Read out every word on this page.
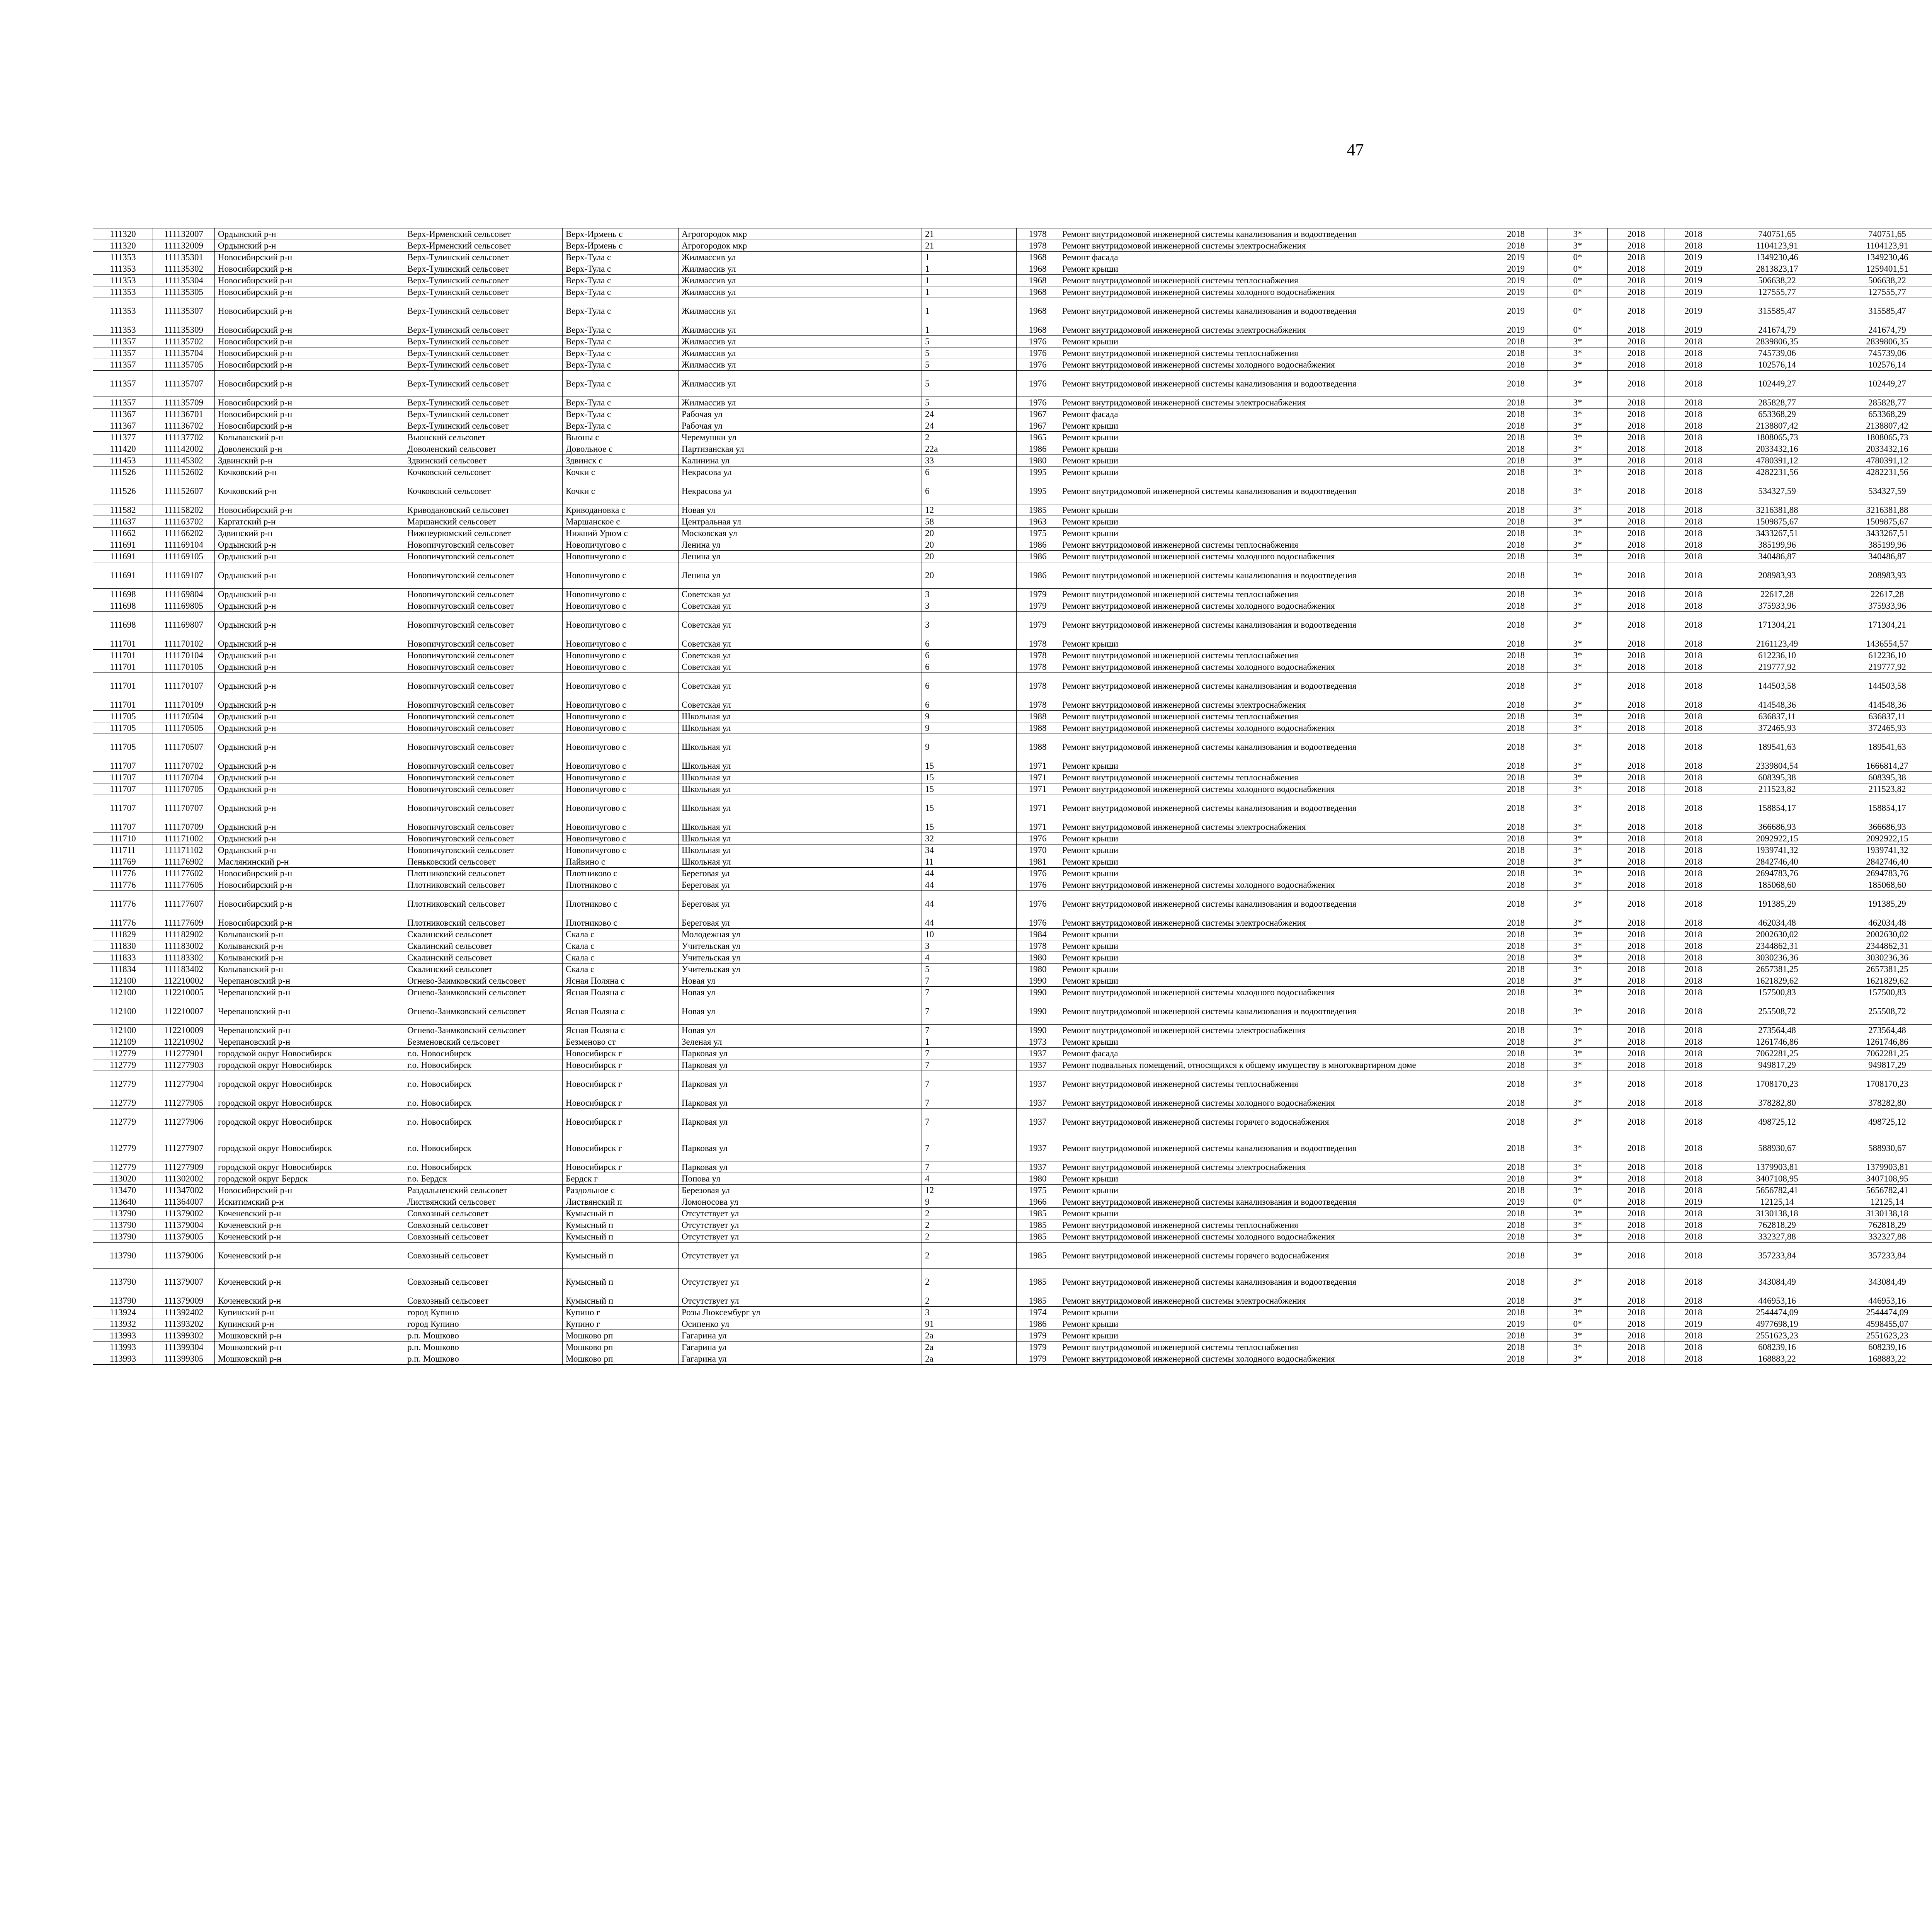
47
111320	111132007	Ордынский р-н	Верх-Ирменский сельсовет	Верх-Ирмень с	Агрогородок мкр	21		1978	Ремонт внутридомовой инженерной системы канализования и водоотведения	2018	3*	2018	2018	740751,65	740751,65						
111320	111132009	Ордынский р-н	Верх-Ирменский сельсовет	Верх-Ирмень с	Агрогородок мкр	21		1978	Ремонт внутридомовой инженерной системы электроснабжения	2018	3*	2018	2018	1104123,91	1104123,91						
111353	111135301	Новосибирский р-н	Верх-Тулинский сельсовет	Верх-Тула с	Жилмассив ул	1		1968	Ремонт фасада	2019	0*	2018	2019	1349230,46	1349230,46						
111353	111135302	Новосибирский р-н	Верх-Тулинский сельсовет	Верх-Тула с	Жилмассив ул	1		1968	Ремонт крыши	2019	0*	2018	2019	2813823,17	1259401,51						
111353	111135304	Новосибирский р-н	Верх-Тулинский сельсовет	Верх-Тула с	Жилмассив ул	1		1968	Ремонт внутридомовой инженерной системы теплоснабжения	2019	0*	2018	2019	506638,22	506638,22						
111353	111135305	Новосибирский р-н	Верх-Тулинский сельсовет	Верх-Тула с	Жилмассив ул	1		1968	Ремонт внутридомовой инженерной системы холодного водоснабжения	2019	0*	2018	2019	127555,77	127555,77						
111353	111135307	Новосибирский р-н	Верх-Тулинский сельсовет	Верх-Тула с	Жилмассив ул	1		1968	Ремонт внутридомовой инженерной системы канализования и водоотведения	2019	0*	2018	2019	315585,47	315585,47						
111353	111135309	Новосибирский р-н	Верх-Тулинский сельсовет	Верх-Тула с	Жилмассив ул	1		1968	Ремонт внутридомовой инженерной системы электроснабжения	2019	0*	2018	2019	241674,79	241674,79						
111357	111135702	Новосибирский р-н	Верх-Тулинский сельсовет	Верх-Тула с	Жилмассив ул	5		1976	Ремонт крыши	2018	3*	2018	2018	2839806,35	2839806,35						
111357	111135704	Новосибирский р-н	Верх-Тулинский сельсовет	Верх-Тула с	Жилмассив ул	5		1976	Ремонт внутридомовой инженерной системы теплоснабжения	2018	3*	2018	2018	745739,06	745739,06						
111357	111135705	Новосибирский р-н	Верх-Тулинский сельсовет	Верх-Тула с	Жилмассив ул	5		1976	Ремонт внутридомовой инженерной системы холодного водоснабжения	2018	3*	2018	2018	102576,14	102576,14						
111357	111135707	Новосибирский р-н	Верх-Тулинский сельсовет	Верх-Тула с	Жилмассив ул	5		1976	Ремонт внутридомовой инженерной системы канализования и водоотведения	2018	3*	2018	2018	102449,27	102449,27						
111357	111135709	Новосибирский р-н	Верх-Тулинский сельсовет	Верх-Тула с	Жилмассив ул	5		1976	Ремонт внутридомовой инженерной системы электроснабжения	2018	3*	2018	2018	285828,77	285828,77						
111367	111136701	Новосибирский р-н	Верх-Тулинский сельсовет	Верх-Тула с	Рабочая ул	24		1967	Ремонт фасада	2018	3*	2018	2018	653368,29	653368,29						
111367	111136702	Новосибирский р-н	Верх-Тулинский сельсовет	Верх-Тула с	Рабочая ул	24		1967	Ремонт крыши	2018	3*	2018	2018	2138807,42	2138807,42						
111377	111137702	Колыванский р-н	Вьюнский сельсовет	Вьюны с	Черемушки ул	2		1965	Ремонт крыши	2018	3*	2018	2018	1808065,73	1808065,73						
111420	111142002	Доволенский р-н	Доволенский сельсовет	Довольное с	Партизанская ул	22а		1986	Ремонт крыши	2018	3*	2018	2018	2033432,16	2033432,16						
111453	111145302	Здвинский р-н	Здвинский сельсовет	Здвинск с	Калинина ул	33		1980	Ремонт крыши	2018	3*	2018	2018	4780391,12	4780391,12						
111526	111152602	Кочковский р-н	Кочковский сельсовет	Кочки с	Некрасова ул	6		1995	Ремонт крыши	2018	3*	2018	2018	4282231,56	4282231,56						
111526	111152607	Кочковский р-н	Кочковский сельсовет	Кочки с	Некрасова ул	6		1995	Ремонт внутридомовой инженерной системы канализования и водоотведения	2018	3*	2018	2018	534327,59	534327,59						
111582	111158202	Новосибирский р-н	Криводановский сельсовет	Криводановка с	Новая ул	12		1985	Ремонт крыши	2018	3*	2018	2018	3216381,88	3216381,88						
111637	111163702	Каргатский р-н	Маршанский сельсовет	Маршанское с	Центральная ул	58		1963	Ремонт крыши	2018	3*	2018	2018	1509875,67	1509875,67						
111662	111166202	Здвинский р-н	Нижнеурюмский сельсовет	Нижний Урюм с	Московская ул	20		1975	Ремонт крыши	2018	3*	2018	2018	3433267,51	3433267,51						
111691	111169104	Ордынский р-н	Новопичуговский сельсовет	Новопичугово с	Ленина ул	20		1986	Ремонт внутридомовой инженерной системы теплоснабжения	2018	3*	2018	2018	385199,96	385199,96						
111691	111169105	Ордынский р-н	Новопичуговский сельсовет	Новопичугово с	Ленина ул	20		1986	Ремонт внутридомовой инженерной системы холодного водоснабжения	2018	3*	2018	2018	340486,87	340486,87						
111691	111169107	Ордынский р-н	Новопичуговский сельсовет	Новопичугово с	Ленина ул	20		1986	Ремонт внутридомовой инженерной системы канализования и водоотведения	2018	3*	2018	2018	208983,93	208983,93						
111698	111169804	Ордынский р-н	Новопичуговский сельсовет	Новопичугово с	Советская ул	3		1979	Ремонт внутридомовой инженерной системы теплоснабжения	2018	3*	2018	2018	22617,28	22617,28						
111698	111169805	Ордынский р-н	Новопичуговский сельсовет	Новопичугово с	Советская ул	3		1979	Ремонт внутридомовой инженерной системы холодного водоснабжения	2018	3*	2018	2018	375933,96	375933,96						
111698	111169807	Ордынский р-н	Новопичуговский сельсовет	Новопичугово с	Советская ул	3		1979	Ремонт внутридомовой инженерной системы канализования и водоотведения	2018	3*	2018	2018	171304,21	171304,21						
111701	111170102	Ордынский р-н	Новопичуговский сельсовет	Новопичугово с	Советская ул	6		1978	Ремонт крыши	2018	3*	2018	2018	2161123,49	1436554,57						
111701	111170104	Ордынский р-н	Новопичуговский сельсовет	Новопичугово с	Советская ул	6		1978	Ремонт внутридомовой инженерной системы теплоснабжения	2018	3*	2018	2018	612236,10	612236,10						
111701	111170105	Ордынский р-н	Новопичуговский сельсовет	Новопичугово с	Советская ул	6		1978	Ремонт внутридомовой инженерной системы холодного водоснабжения	2018	3*	2018	2018	219777,92	219777,92						
111701	111170107	Ордынский р-н	Новопичуговский сельсовет	Новопичугово с	Советская ул	6		1978	Ремонт внутридомовой инженерной системы канализования и водоотведения	2018	3*	2018	2018	144503,58	144503,58						
111701	111170109	Ордынский р-н	Новопичуговский сельсовет	Новопичугово с	Советская ул	6		1978	Ремонт внутридомовой инженерной системы электроснабжения	2018	3*	2018	2018	414548,36	414548,36						
111705	111170504	Ордынский р-н	Новопичуговский сельсовет	Новопичугово с	Школьная ул	9		1988	Ремонт внутридомовой инженерной системы теплоснабжения	2018	3*	2018	2018	636837,11	636837,11						
111705	111170505	Ордынский р-н	Новопичуговский сельсовет	Новопичугово с	Школьная ул	9		1988	Ремонт внутридомовой инженерной системы холодного водоснабжения	2018	3*	2018	2018	372465,93	372465,93						
111705	111170507	Ордынский р-н	Новопичуговский сельсовет	Новопичугово с	Школьная ул	9		1988	Ремонт внутридомовой инженерной системы канализования и водоотведения	2018	3*	2018	2018	189541,63	189541,63						
111707	111170702	Ордынский р-н	Новопичуговский сельсовет	Новопичугово с	Школьная ул	15		1971	Ремонт крыши	2018	3*	2018	2018	2339804,54	1666814,27						
111707	111170704	Ордынский р-н	Новопичуговский сельсовет	Новопичугово с	Школьная ул	15		1971	Ремонт внутридомовой инженерной системы теплоснабжения	2018	3*	2018	2018	608395,38	608395,38						
111707	111170705	Ордынский р-н	Новопичуговский сельсовет	Новопичугово с	Школьная ул	15		1971	Ремонт внутридомовой инженерной системы холодного водоснабжения	2018	3*	2018	2018	211523,82	211523,82						
111707	111170707	Ордынский р-н	Новопичуговский сельсовет	Новопичугово с	Школьная ул	15		1971	Ремонт внутридомовой инженерной системы канализования и водоотведения	2018	3*	2018	2018	158854,17	158854,17						
111707	111170709	Ордынский р-н	Новопичуговский сельсовет	Новопичугово с	Школьная ул	15		1971	Ремонт внутридомовой инженерной системы электроснабжения	2018	3*	2018	2018	366686,93	366686,93						
111710	111171002	Ордынский р-н	Новопичуговский сельсовет	Новопичугово с	Школьная ул	32		1976	Ремонт крыши	2018	3*	2018	2018	2092922,15	2092922,15						
111711	111171102	Ордынский р-н	Новопичуговский сельсовет	Новопичугово с	Школьная ул	34		1970	Ремонт крыши	2018	3*	2018	2018	1939741,32	1939741,32						
111769	111176902	Маслянинский р-н	Пеньковский сельсовет	Пайвино с	Школьная ул	11		1981	Ремонт крыши	2018	3*	2018	2018	2842746,40	2842746,40						
111776	111177602	Новосибирский р-н	Плотниковский сельсовет	Плотниково с	Береговая ул	44		1976	Ремонт крыши	2018	3*	2018	2018	2694783,76	2694783,76						
111776	111177605	Новосибирский р-н	Плотниковский сельсовет	Плотниково с	Береговая ул	44		1976	Ремонт внутридомовой инженерной системы холодного водоснабжения	2018	3*	2018	2018	185068,60	185068,60						
111776	111177607	Новосибирский р-н	Плотниковский сельсовет	Плотниково с	Береговая ул	44		1976	Ремонт внутридомовой инженерной системы канализования и водоотведения	2018	3*	2018	2018	191385,29	191385,29						
111776	111177609	Новосибирский р-н	Плотниковский сельсовет	Плотниково с	Береговая ул	44		1976	Ремонт внутридомовой инженерной системы электроснабжения	2018	3*	2018	2018	462034,48	462034,48						
111829	111182902	Колыванский р-н	Скалинский сельсовет	Скала с	Молодежная ул	10		1984	Ремонт крыши	2018	3*	2018	2018	2002630,02	2002630,02						
111830	111183002	Колыванский р-н	Скалинский сельсовет	Скала с	Учительская ул	3		1978	Ремонт крыши	2018	3*	2018	2018	2344862,31	2344862,31						
111833	111183302	Колыванский р-н	Скалинский сельсовет	Скала с	Учительская ул	4		1980	Ремонт крыши	2018	3*	2018	2018	3030236,36	3030236,36						
111834	111183402	Колыванский р-н	Скалинский сельсовет	Скала с	Учительская ул	5		1980	Ремонт крыши	2018	3*	2018	2018	2657381,25	2657381,25						
112100	112210002	Черепановский р-н	Огнево-Заимковский сельсовет	Ясная Поляна с	Новая ул	7		1990	Ремонт крыши	2018	3*	2018	2018	1621829,62	1621829,62						
112100	112210005	Черепановский р-н	Огнево-Заимковский сельсовет	Ясная Поляна с	Новая ул	7		1990	Ремонт внутридомовой инженерной системы холодного водоснабжения	2018	3*	2018	2018	157500,83	157500,83						
112100	112210007	Черепановский р-н	Огнево-Заимковский сельсовет	Ясная Поляна с	Новая ул	7		1990	Ремонт внутридомовой инженерной системы канализования и водоотведения	2018	3*	2018	2018	255508,72	255508,72						
112100	112210009	Черепановский р-н	Огнево-Заимковский сельсовет	Ясная Поляна с	Новая ул	7		1990	Ремонт внутридомовой инженерной системы электроснабжения	2018	3*	2018	2018	273564,48	273564,48						
112109	112210902	Черепановский р-н	Безменовский сельсовет	Безменово ст	Зеленая ул	1		1973	Ремонт крыши	2018	3*	2018	2018	1261746,86	1261746,86						
112779	111277901	городской округ Новосибирск	г.о. Новосибирск	Новосибирск г	Парковая ул	7		1937	Ремонт фасада	2018	3*	2018	2018	7062281,25	7062281,25						
112779	111277903	городской округ Новосибирск	г.о. Новосибирск	Новосибирск г	Парковая ул	7		1937	Ремонт подвальных помещений, относящихся к общему имуществу в многоквартирном доме	2018	3*	2018	2018	949817,29	949817,29						
112779	111277904	городской округ Новосибирск	г.о. Новосибирск	Новосибирск г	Парковая ул	7		1937	Ремонт внутридомовой инженерной системы теплоснабжения	2018	3*	2018	2018	1708170,23	1708170,23						
112779	111277905	городской округ Новосибирск	г.о. Новосибирск	Новосибирск г	Парковая ул	7		1937	Ремонт внутридомовой инженерной системы холодного водоснабжения	2018	3*	2018	2018	378282,80	378282,80						
112779	111277906	городской округ Новосибирск	г.о. Новосибирск	Новосибирск г	Парковая ул	7		1937	Ремонт внутридомовой инженерной системы горячего водоснабжения	2018	3*	2018	2018	498725,12	498725,12						
112779	111277907	городской округ Новосибирск	г.о. Новосибирск	Новосибирск г	Парковая ул	7		1937	Ремонт внутридомовой инженерной системы канализования и водоотведения	2018	3*	2018	2018	588930,67	588930,67						
112779	111277909	городской округ Новосибирск	г.о. Новосибирск	Новосибирск г	Парковая ул	7		1937	Ремонт внутридомовой инженерной системы электроснабжения	2018	3*	2018	2018	1379903,81	1379903,81						
113020	111302002	городской округ Бердск	г.о. Бердск	Бердск г	Попова ул	4		1980	Ремонт крыши	2018	3*	2018	2018	3407108,95	3407108,95						
113470	111347002	Новосибирский р-н	Раздольненский сельсовет	Раздольное с	Березовая ул	12		1975	Ремонт крыши	2018	3*	2018	2018	5656782,41	5656782,41						
113640	111364007	Искитимский р-н	Листвянский сельсовет	Листвянский п	Ломоносова ул	9		1966	Ремонт внутридомовой инженерной системы канализования и водоотведения	2019	0*	2018	2019	12125,14	12125,14						
113790	111379002	Коченевский р-н	Совхозный сельсовет	Кумысный п	Отсутствует ул	2		1985	Ремонт крыши	2018	3*	2018	2018	3130138,18	3130138,18						
113790	111379004	Коченевский р-н	Совхозный сельсовет	Кумысный п	Отсутствует ул	2		1985	Ремонт внутридомовой инженерной системы теплоснабжения	2018	3*	2018	2018	762818,29	762818,29						
113790	111379005	Коченевский р-н	Совхозный сельсовет	Кумысный п	Отсутствует ул	2		1985	Ремонт внутридомовой инженерной системы холодного водоснабжения	2018	3*	2018	2018	332327,88	332327,88						
113790	111379006	Коченевский р-н	Совхозный сельсовет	Кумысный п	Отсутствует ул	2		1985	Ремонт внутридомовой инженерной системы горячего водоснабжения	2018	3*	2018	2018	357233,84	357233,84						
113790	111379007	Коченевский р-н	Совхозный сельсовет	Кумысный п	Отсутствует ул	2		1985	Ремонт внутридомовой инженерной системы канализования и водоотведения	2018	3*	2018	2018	343084,49	343084,49						
113790	111379009	Коченевский р-н	Совхозный сельсовет	Кумысный п	Отсутствует ул	2		1985	Ремонт внутридомовой инженерной системы электроснабжения	2018	3*	2018	2018	446953,16	446953,16						
113924	111392402	Купинский р-н	город Купино	Купино г	Розы Люксембург ул	3		1974	Ремонт крыши	2018	3*	2018	2018	2544474,09	2544474,09						
113932	111393202	Купинский р-н	город Купино	Купино г	Осипенко ул	91		1986	Ремонт крыши	2019	0*	2018	2019	4977698,19	4598455,07						
113993	111399302	Мошковский р-н	р.п. Мошково	Мошково рп	Гагарина ул	2а		1979	Ремонт крыши	2018	3*	2018	2018	2551623,23	2551623,23						
113993	111399304	Мошковский р-н	р.п. Мошково	Мошково рп	Гагарина ул	2а		1979	Ремонт внутридомовой инженерной системы теплоснабжения	2018	3*	2018	2018	608239,16	608239,16						
113993	111399305	Мошковский р-н	р.п. Мошково	Мошково рп	Гагарина ул	2а		1979	Ремонт внутридомовой инженерной системы холодного водоснабжения	2018	3*	2018	2018	168883,22	168883,22						
